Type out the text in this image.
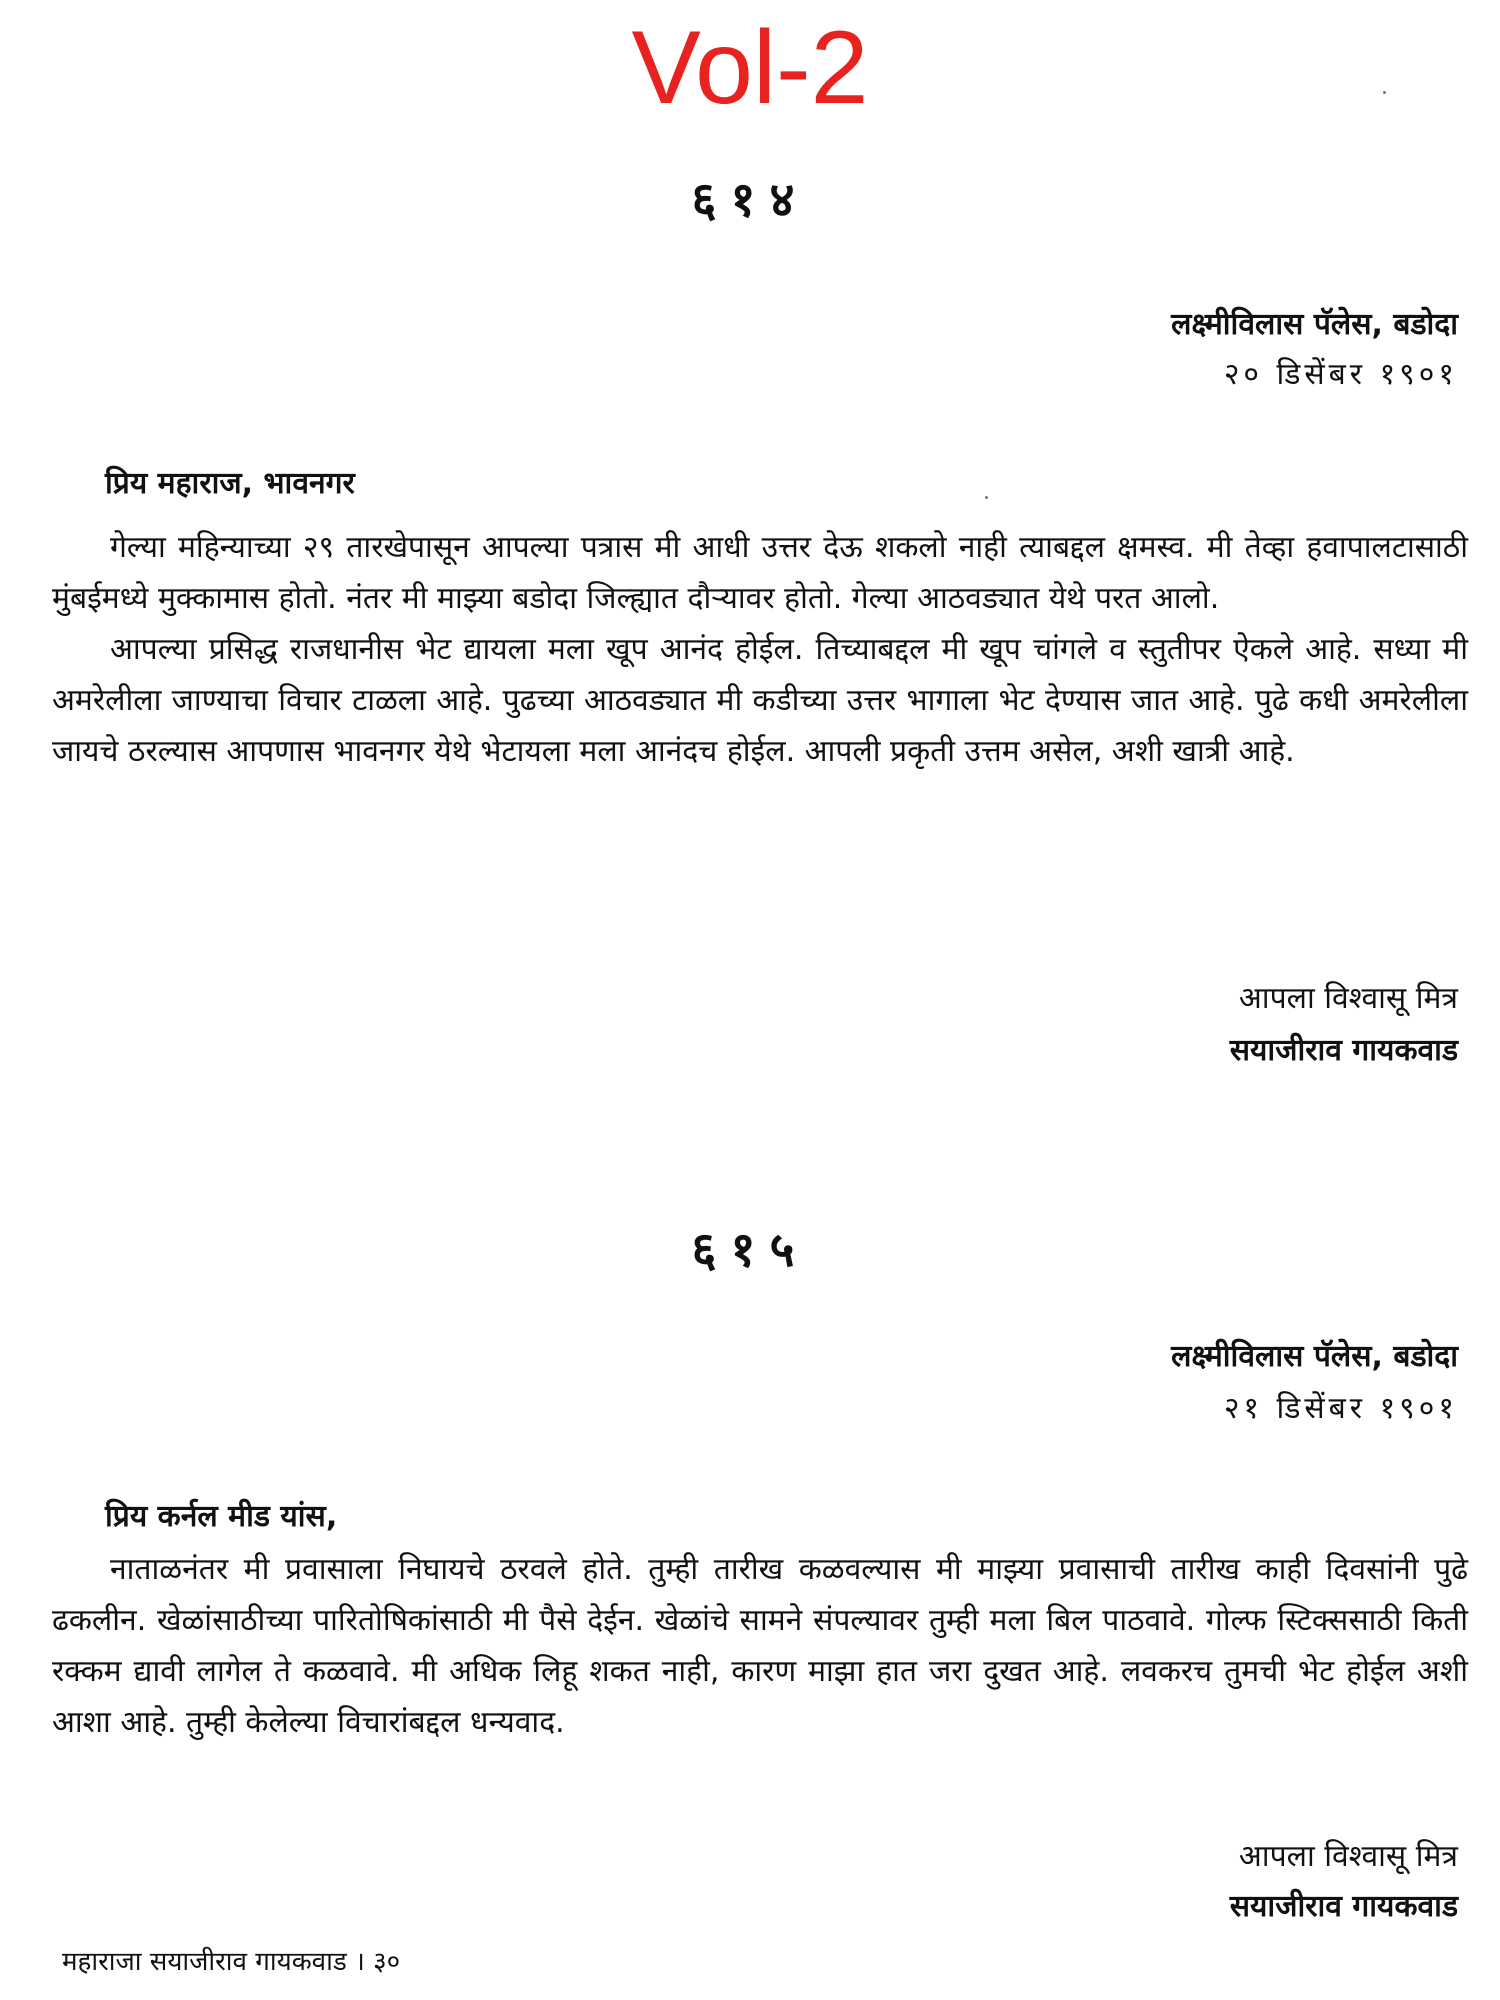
Vol-2
६१४
लक्ष्मीविलास पॅलेस, बडोदा
२० डिसेंबर १९०१
प्रिय महाराज, भावनगर

गेल्या महिन्याच्या २९ तारखेपासून आपल्या पत्रास मी आधी उत्तर देऊ शकलो नाही त्याबद्दल क्षमस्व. मी तेव्हा हवापालटासाठी मुंबईमध्ये मुक्कामास होतो. नंतर मी माझ्या बडोदा जिल्ह्यात दौऱ्यावर होतो. गेल्या आठवड्यात येथे परत आलो.

आपल्या प्रसिद्ध राजधानीस भेट द्यायला मला खूप आनंद होईल. तिच्याबद्दल मी खूप चांगले व स्तुतीपर ऐकले आहे. सध्या मी अमरेलीला जाण्याचा विचार टाळला आहे. पुढच्या आठवड्यात मी कडीच्या उत्तर भागाला भेट देण्यास जात आहे. पुढे कधी अमरेलीला जायचे ठरल्यास आपणास भावनगर येथे भेटायला मला आनंदच होईल. आपली प्रकृती उत्तम असेल, अशी खात्री आहे.

आपला विश्वासू मित्र
सयाजीराव गायकवाड
६१५
लक्ष्मीविलास पॅलेस, बडोदा
२१ डिसेंबर १९०१
प्रिय कर्नल मीड यांस,

नाताळनंतर मी प्रवासाला निघायचे ठरवले होते. तुम्ही तारीख कळवल्यास मी माझ्या प्रवासाची तारीख काही दिवसांनी पुढे ढकलीन. खेळांसाठीच्या पारितोषिकांसाठी मी पैसे देईन. खेळांचे सामने संपल्यावर तुम्ही मला बिल पाठवावे. गोल्फ स्टिक्ससाठी किती रक्कम द्यावी लागेल ते कळवावे. मी अधिक लिहू शकत नाही, कारण माझा हात जरा दुखत आहे. लवकरच तुमची भेट होईल अशी आशा आहे. तुम्ही केलेल्या विचारांबद्दल धन्यवाद.

आपला विश्वासू मित्र
सयाजीराव गायकवाड
महाराजा सयाजीराव गायकवाड । ३०
